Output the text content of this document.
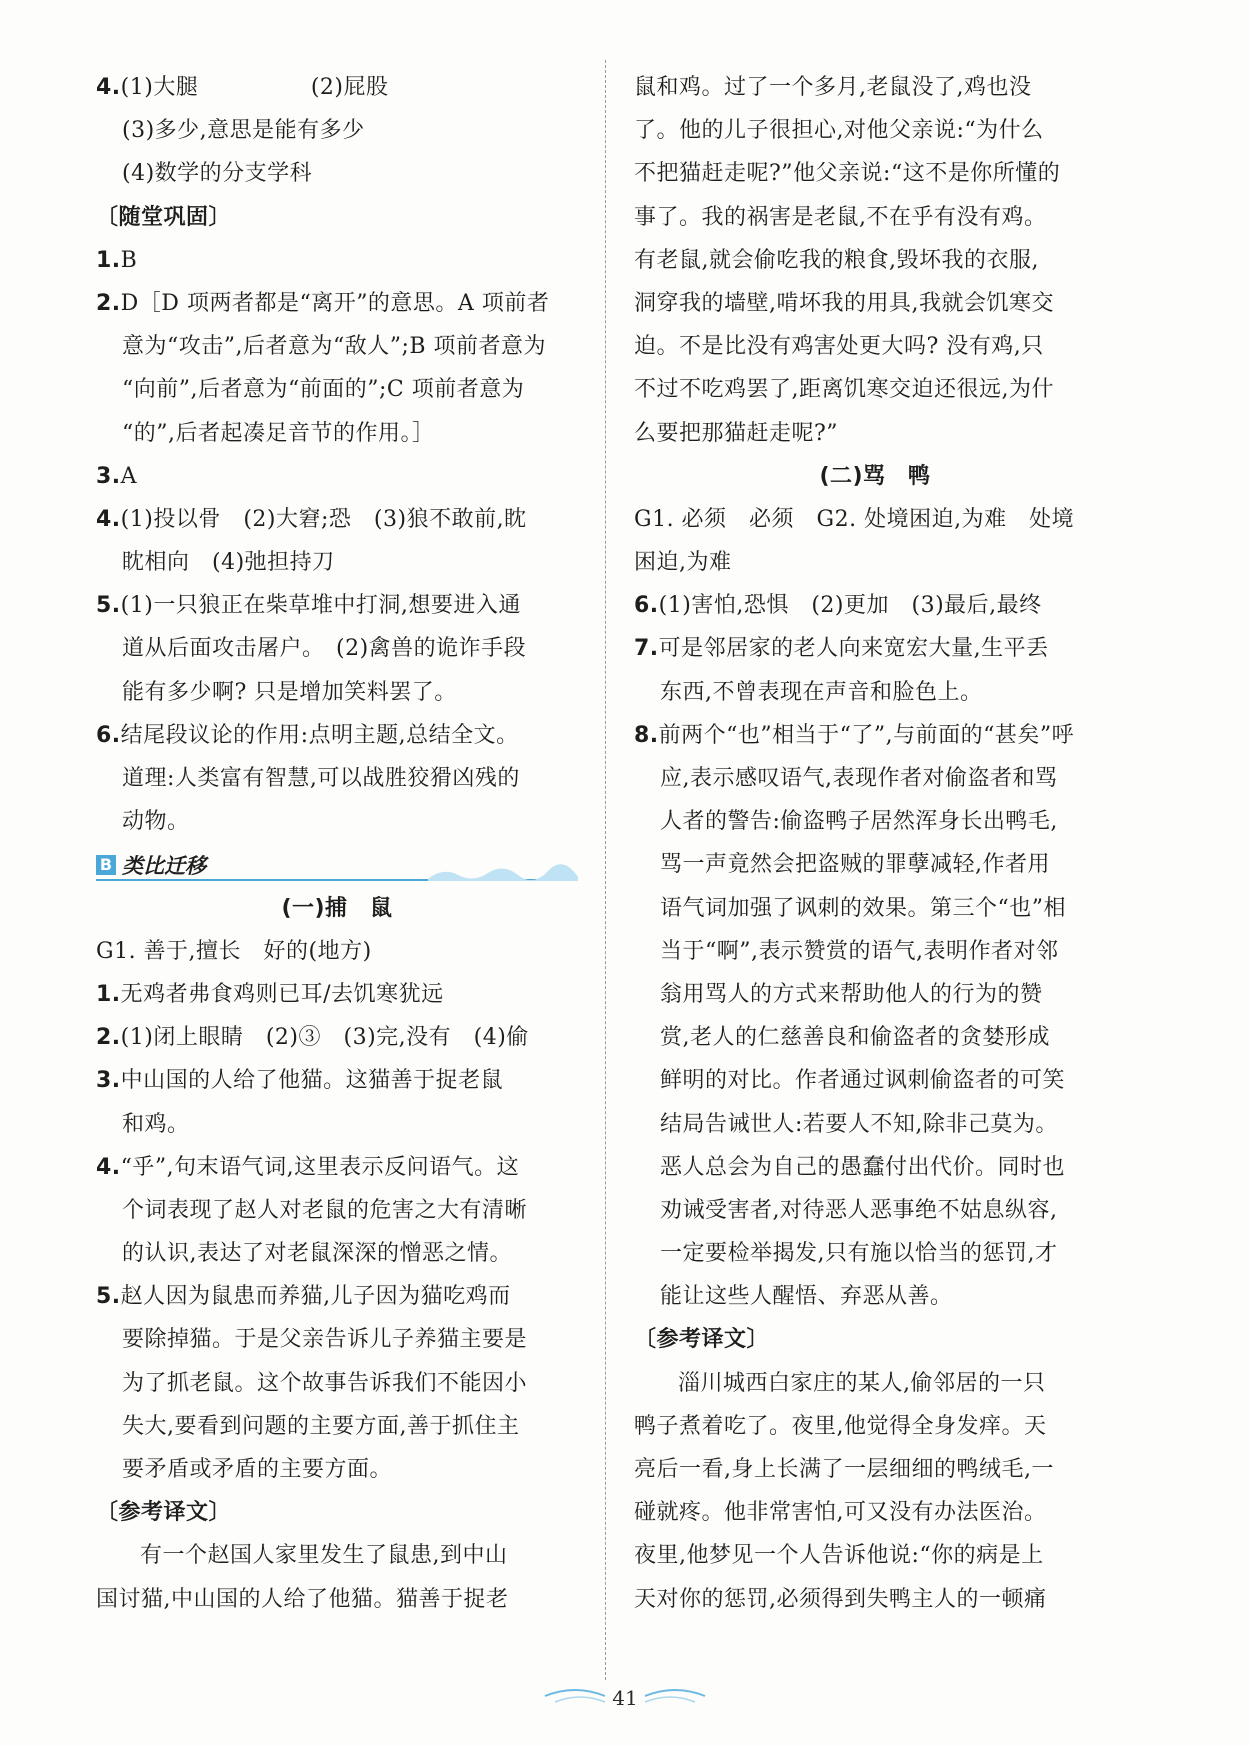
4.(1)大腿　　　　　(2)屁股
(3)多少,意思是能有多少
(4)数学的分支学科
〔随堂巩固〕
1.B
2.D［D 项两者都是“离开”的意思。A 项前者
意为“攻击”,后者意为“敌人”;B 项前者意为
“向前”,后者意为“前面的”;C 项前者意为
“的”,后者起凑足音节的作用。］
3.A
4.(1)投以骨　(2)大窘;恐　(3)狼不敢前,眈
眈相向　(4)弛担持刀
5.(1)一只狼正在柴草堆中打洞,想要进入通
道从后面攻击屠户。　(2)禽兽的诡诈手段
能有多少啊? 只是增加笑料罢了。
6.结尾段议论的作用:点明主题,总结全文。
道理:人类富有智慧,可以战胜狡猾凶残的
动物。
B 类比迁移
(一)捕　鼠
G1. 善于,擅长　好的(地方)
1.无鸡者弗食鸡则已耳/去饥寒犹远
2.(1)闭上眼睛　(2)③　(3)完,没有　(4)偷
3.中山国的人给了他猫。这猫善于捉老鼠
和鸡。
4.“乎”,句末语气词,这里表示反问语气。这
个词表现了赵人对老鼠的危害之大有清晰
的认识,表达了对老鼠深深的憎恶之情。
5.赵人因为鼠患而养猫,儿子因为猫吃鸡而
要除掉猫。于是父亲告诉儿子养猫主要是
为了抓老鼠。这个故事告诉我们不能因小
失大,要看到问题的主要方面,善于抓住主
要矛盾或矛盾的主要方面。
〔参考译文〕
有一个赵国人家里发生了鼠患,到中山
国讨猫,中山国的人给了他猫。猫善于捉老
鼠和鸡。过了一个多月,老鼠没了,鸡也没
了。他的儿子很担心,对他父亲说:“为什么
不把猫赶走呢?”他父亲说:“这不是你所懂的
事了。我的祸害是老鼠,不在乎有没有鸡。
有老鼠,就会偷吃我的粮食,毁坏我的衣服,
洞穿我的墙壁,啃坏我的用具,我就会饥寒交
迫。不是比没有鸡害处更大吗? 没有鸡,只
不过不吃鸡罢了,距离饥寒交迫还很远,为什
么要把那猫赶走呢?”
(二)骂　鸭
G1. 必须　必须　G2. 处境困迫,为难　处境
困迫,为难
6.(1)害怕,恐惧　(2)更加　(3)最后,最终
7.可是邻居家的老人向来宽宏大量,生平丢
东西,不曾表现在声音和脸色上。
8.前两个“也”相当于“了”,与前面的“甚矣”呼
应,表示感叹语气,表现作者对偷盗者和骂
人者的警告:偷盗鸭子居然浑身长出鸭毛,
骂一声竟然会把盗贼的罪孽减轻,作者用
语气词加强了讽刺的效果。第三个“也”相
当于“啊”,表示赞赏的语气,表明作者对邻
翁用骂人的方式来帮助他人的行为的赞
赏,老人的仁慈善良和偷盗者的贪婪形成
鲜明的对比。作者通过讽刺偷盗者的可笑
结局告诫世人:若要人不知,除非己莫为。
恶人总会为自己的愚蠢付出代价。同时也
劝诫受害者,对待恶人恶事绝不姑息纵容,
一定要检举揭发,只有施以恰当的惩罚,才
能让这些人醒悟、弃恶从善。
〔参考译文〕
淄川城西白家庄的某人,偷邻居的一只
鸭子煮着吃了。夜里,他觉得全身发痒。天
亮后一看,身上长满了一层细细的鸭绒毛,一
碰就疼。他非常害怕,可又没有办法医治。
夜里,他梦见一个人告诉他说:“你的病是上
天对你的惩罚,必须得到失鸭主人的一顿痛
41
